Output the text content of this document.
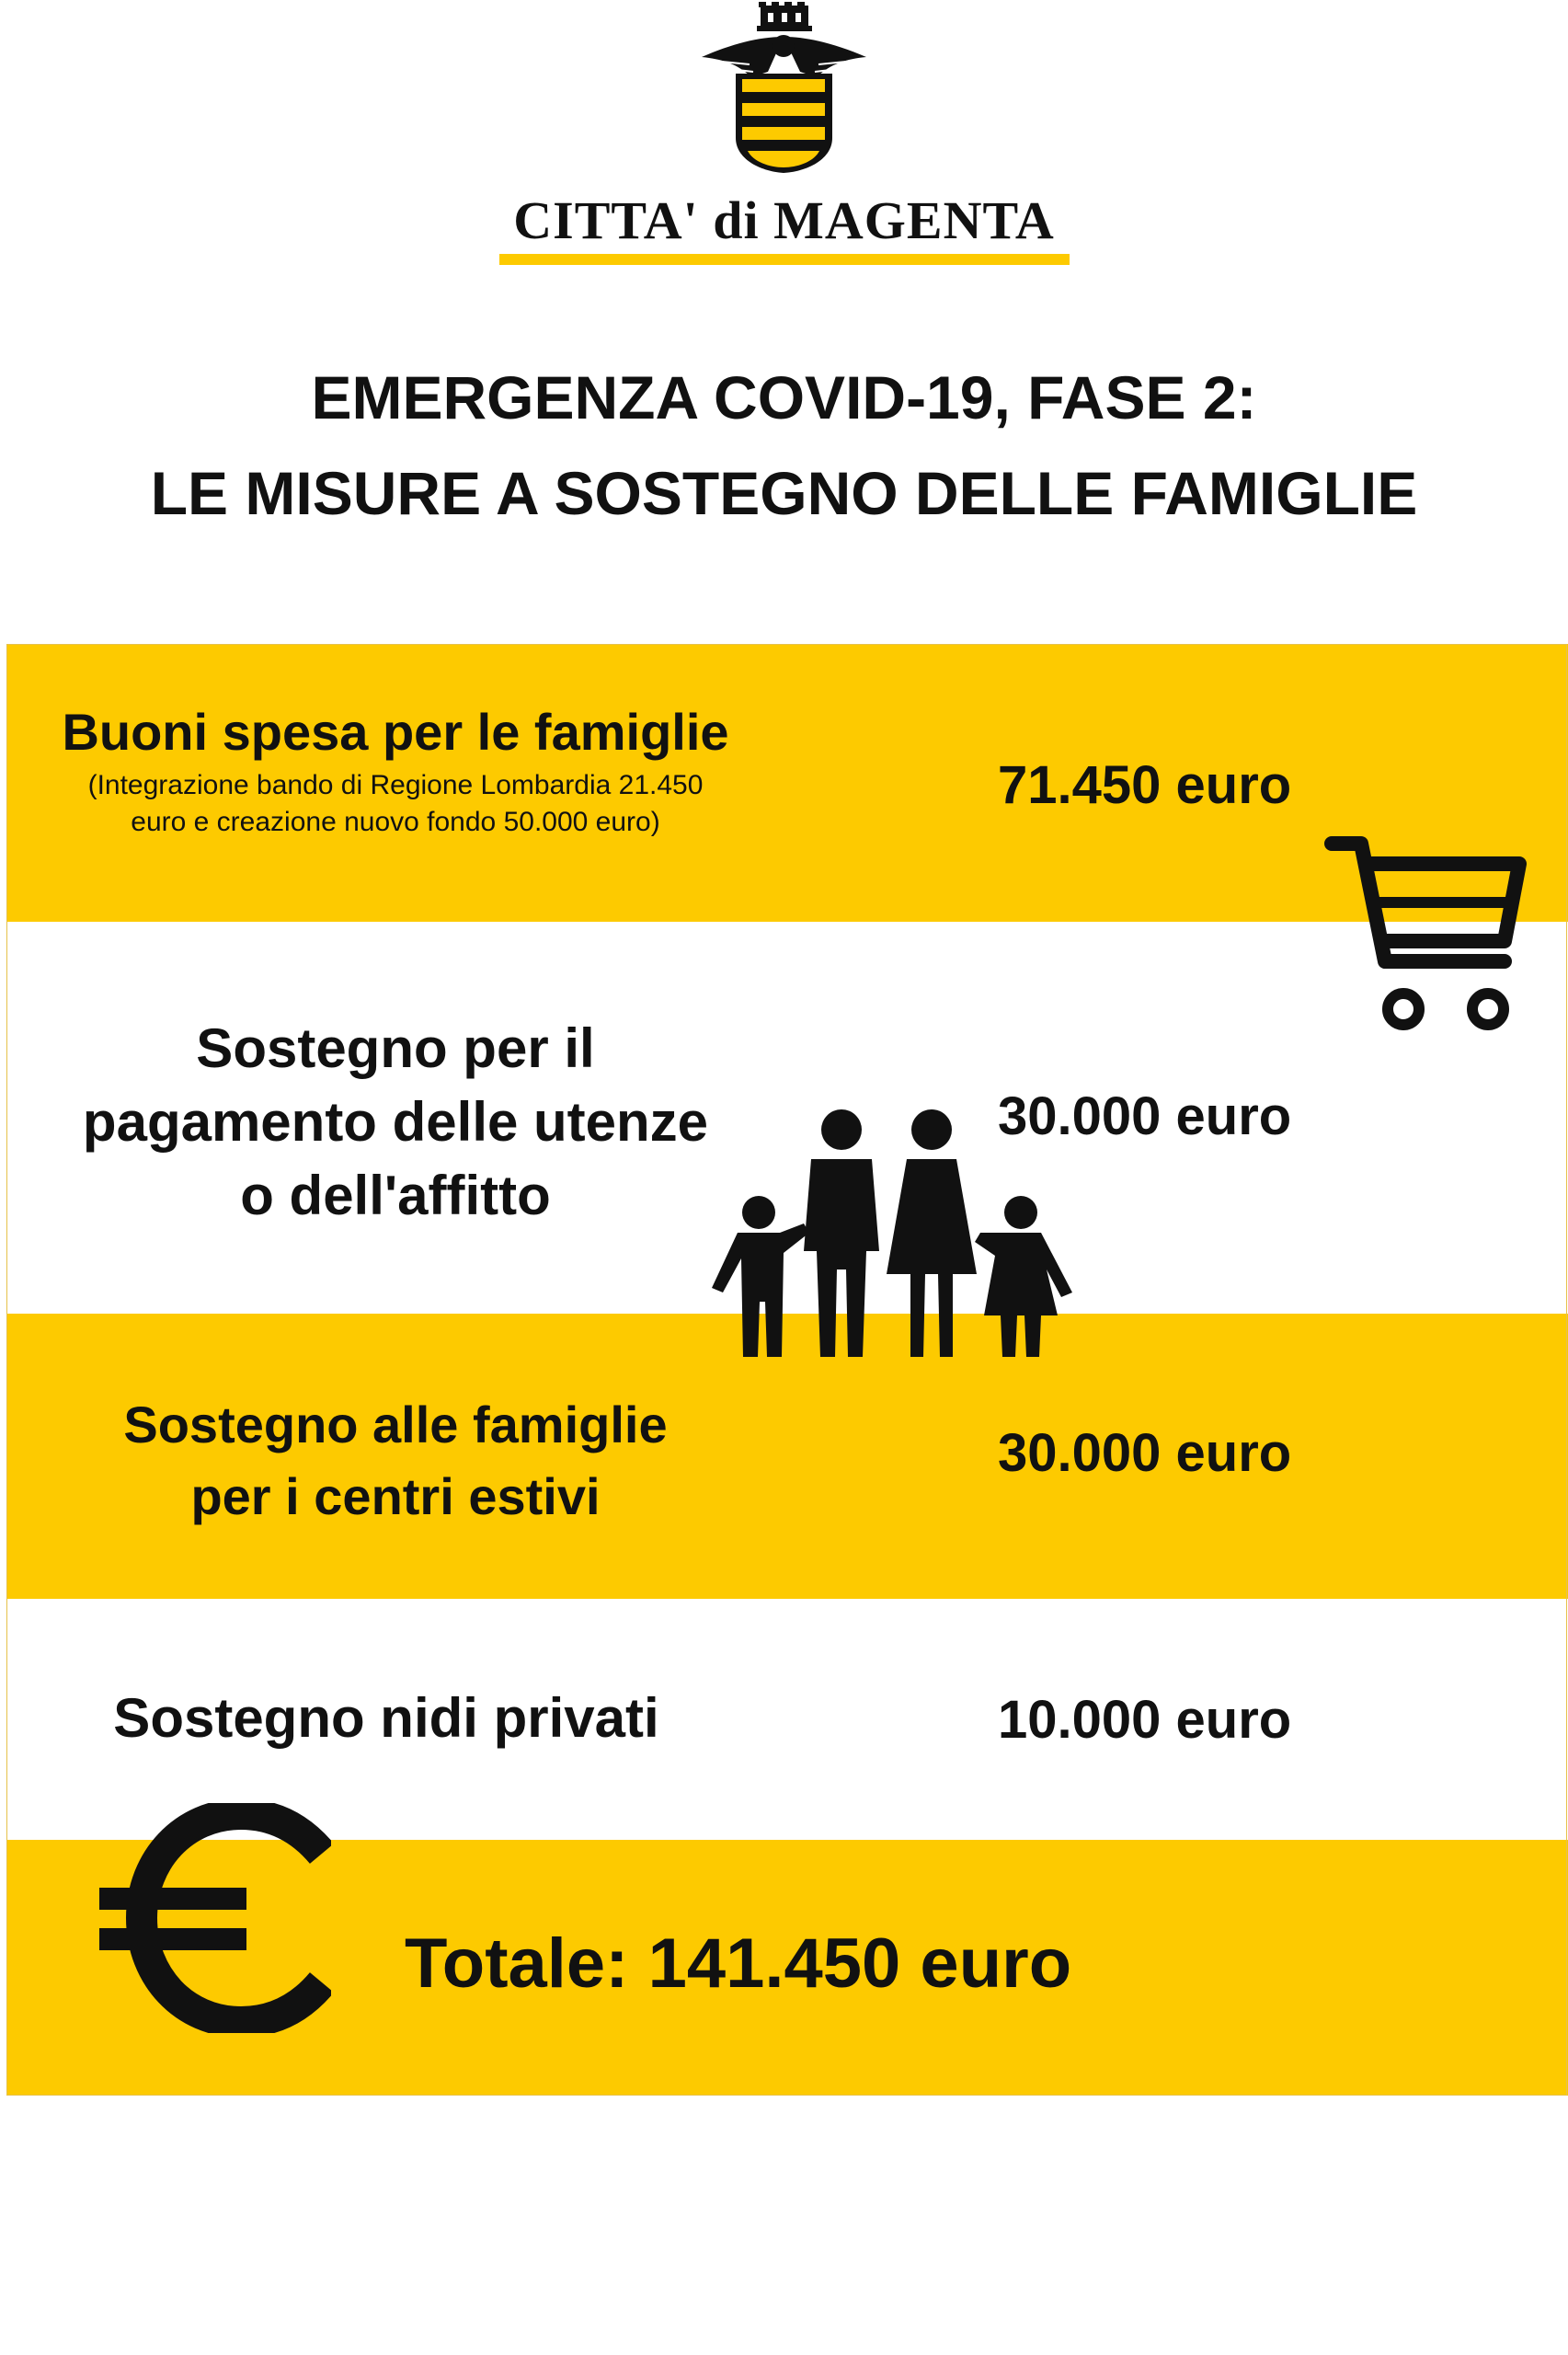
CITTA' di MAGENTA
EMERGENZA COVID-19, FASE 2:
LE MISURE A SOSTEGNO DELLE FAMIGLIE
Buoni spesa per le famiglie
(Integrazione bando di Regione Lombardia 21.450
euro e creazione nuovo fondo 50.000 euro)
71.450 euro
Sostegno per il
pagamento delle utenze
o dell'affitto
30.000 euro
Sostegno alle famiglie
per i centri estivi
30.000 euro
Sostegno nidi privati	10.000 euro
Totale: 141.450 euro
